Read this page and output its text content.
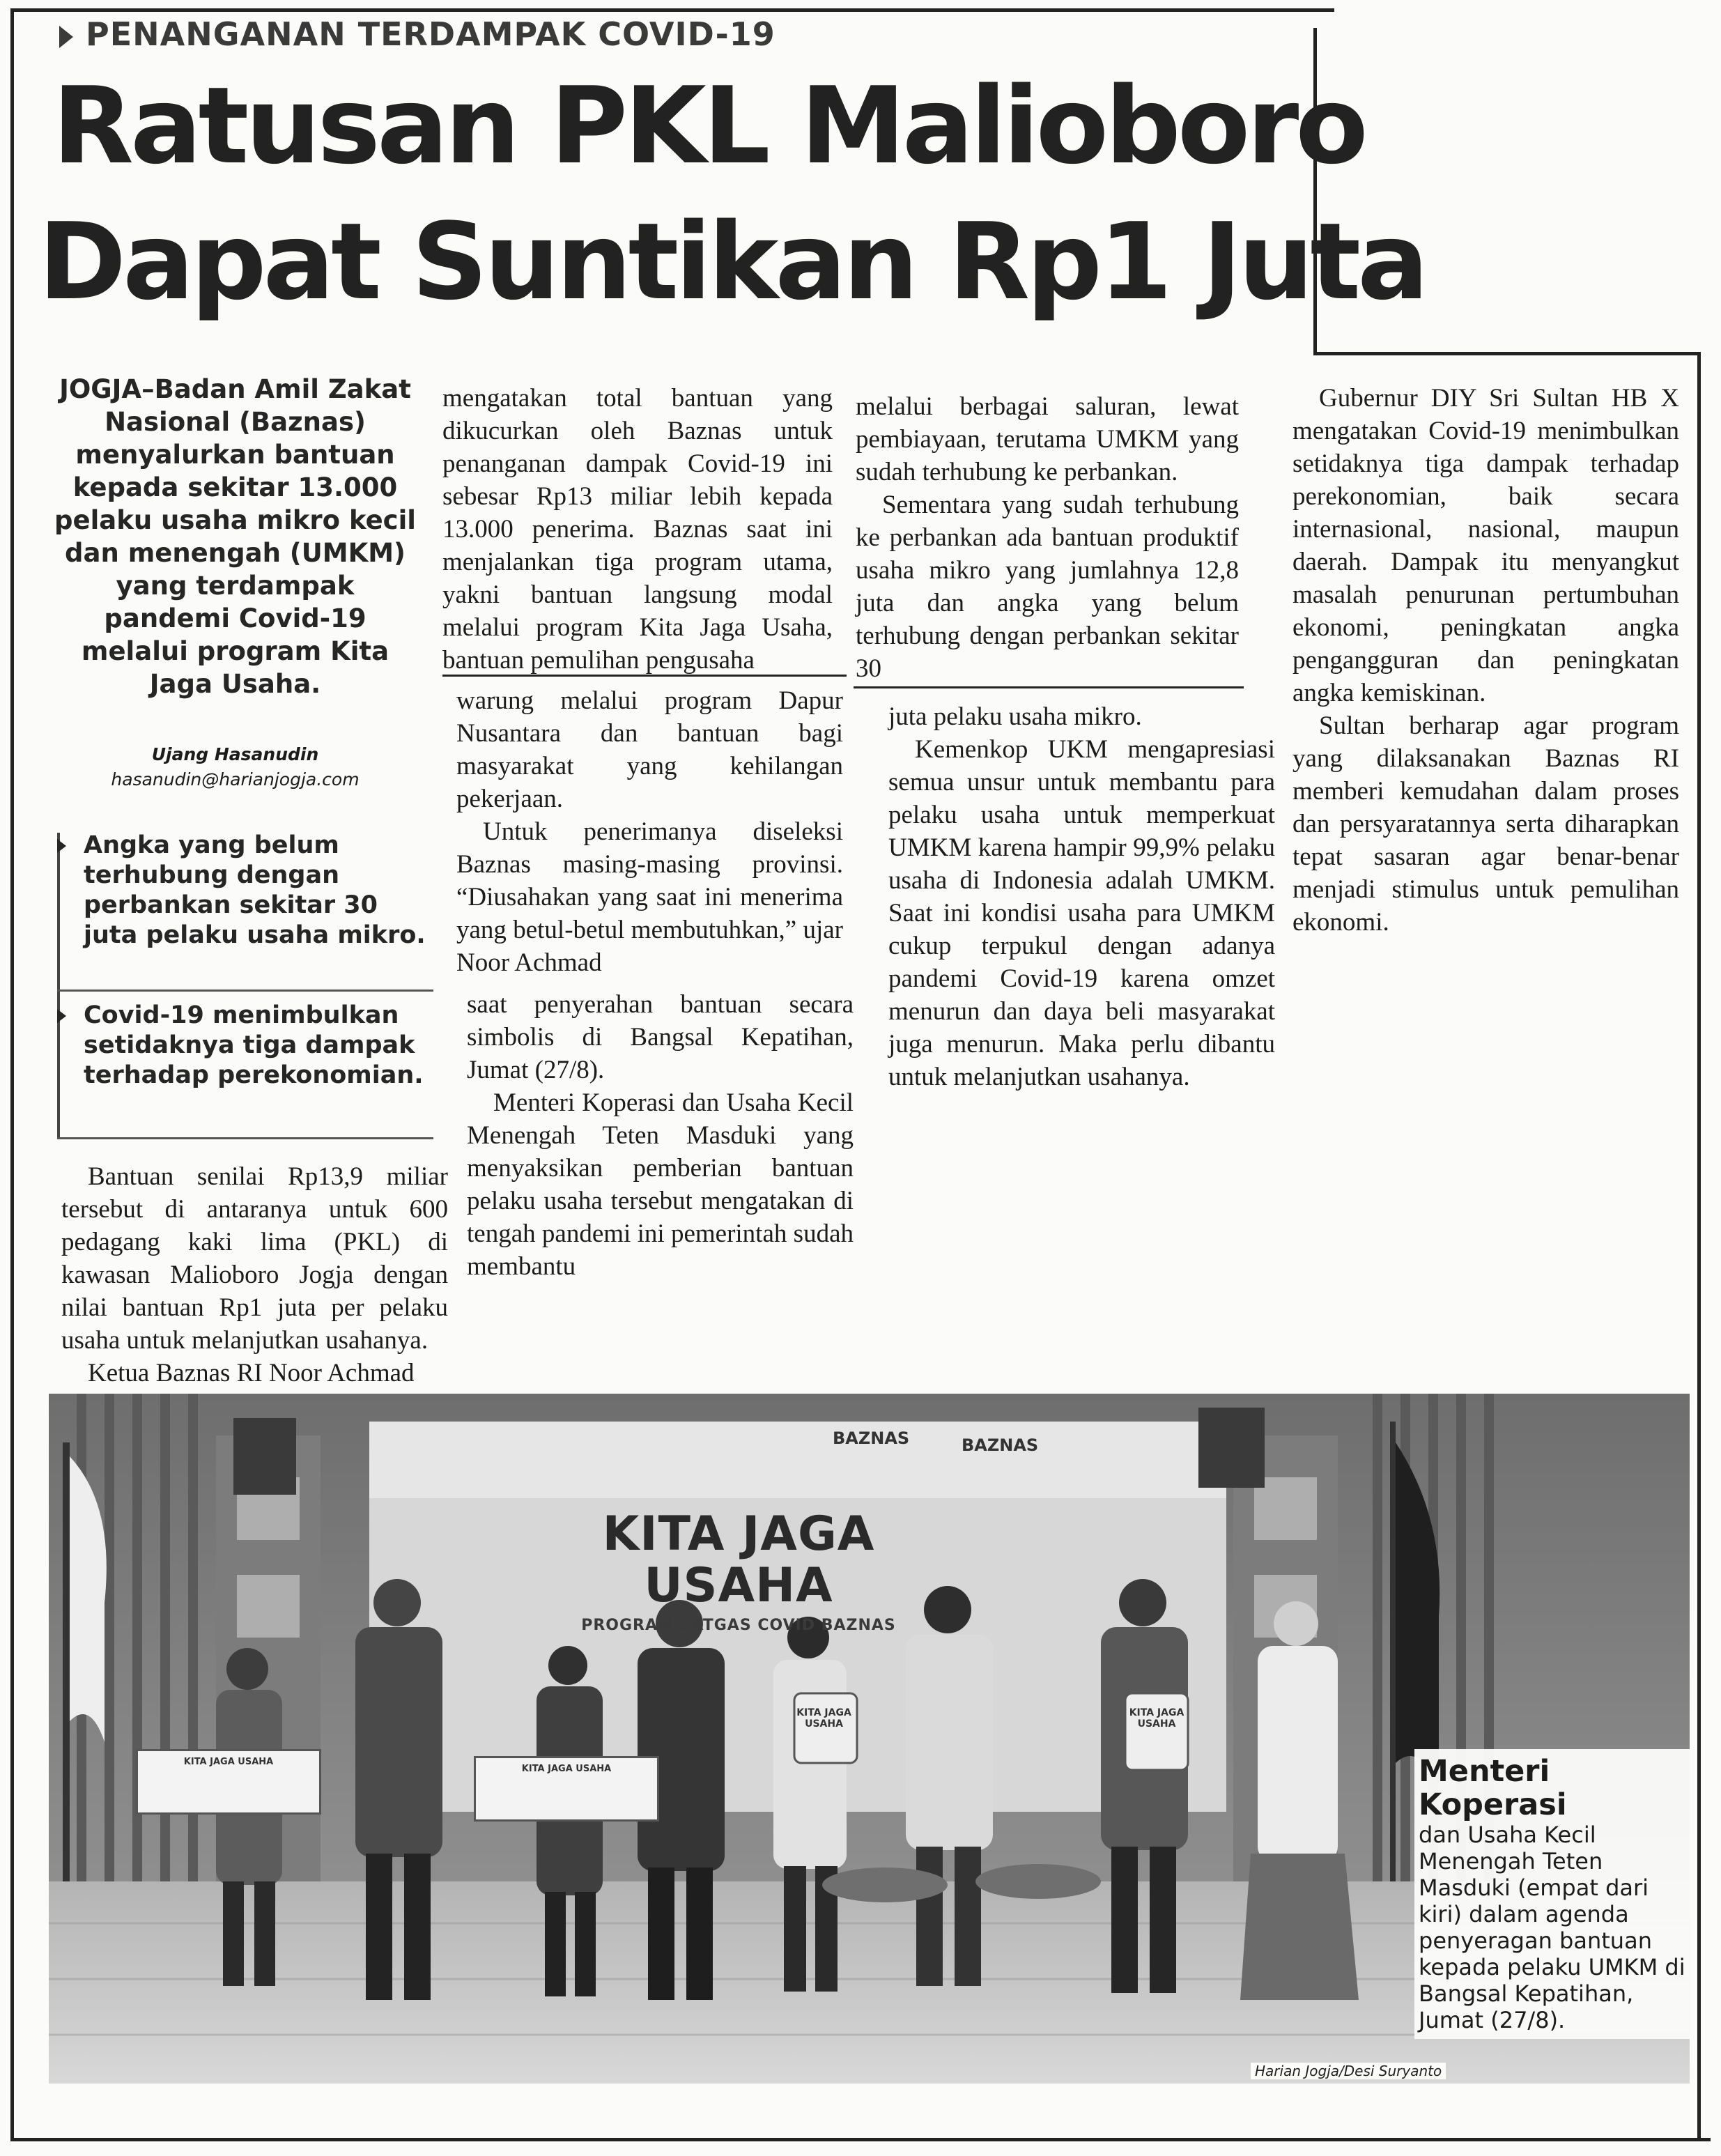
PENANGANAN TERDAMPAK COVID-19
Ratusan PKL Malioboro
Dapat Suntikan Rp1 Juta
JOGJA–Badan Amil Zakat Nasional (Baznas) menyalurkan bantuan kepada sekitar 13.000 pelaku usaha mikro kecil dan menengah (UMKM) yang terdampak pandemi Covid-19 melalui program Kita Jaga Usaha.
Ujang Hasanudin
hasanudin@harianjogja.com
Angka yang belum terhubung dengan perbankan sekitar 30 juta pelaku usaha mikro.
Covid-19 menimbulkan setidaknya tiga dampak terhadap perekonomian.

Bantuan senilai Rp13,9 miliar tersebut di antaranya untuk 600 pedagang kaki lima (PKL) di kawasan Malioboro Jogja dengan nilai bantuan Rp1 juta per pelaku usaha untuk melanjutkan usahanya.

Ketua Baznas RI Noor Achmad

mengatakan total bantuan yang dikucurkan oleh Baznas untuk penanganan dampak Covid-19 ini sebesar Rp13 miliar lebih kepada 13.000 penerima. Baznas saat ini menjalankan tiga program utama, yakni bantuan langsung modal melalui program Kita Jaga Usaha, bantuan pemulihan pengusaha

warung melalui program Dapur Nusantara dan bantuan bagi masyarakat yang kehilangan pekerjaan.

Untuk penerimanya diseleksi Baznas masing-masing provinsi. “Diusahakan yang saat ini menerima yang betul-betul membutuhkan,” ujar Noor Achmad

saat penyerahan bantuan secara simbolis di Bangsal Kepatihan, Jumat (27/8).

Menteri Koperasi dan Usaha Kecil Menengah Teten Masduki yang menyaksikan pemberian bantuan pelaku usaha tersebut mengatakan di tengah pandemi ini pemerintah sudah membantu

melalui berbagai saluran, lewat pembiayaan, terutama UMKM yang sudah terhubung ke perbankan.

Sementara yang sudah terhubung ke perbankan ada bantuan produktif usaha mikro yang jumlahnya 12,8 juta dan angka yang belum terhubung dengan perbankan sekitar 30

juta pelaku usaha mikro.

Kemenkop UKM mengapresiasi semua unsur untuk membantu para pelaku usaha untuk memperkuat UMKM karena hampir 99,9% pelaku usaha di Indonesia adalah UMKM. Saat ini kondisi usaha para UMKM cukup terpukul dengan adanya pandemi Covid-19 karena omzet menurun dan daya beli masyarakat juga menurun. Maka perlu dibantu untuk melanjutkan usahanya.

Gubernur DIY Sri Sultan HB X mengatakan Covid-19 menimbulkan setidaknya tiga dampak terhadap perekonomian, baik secara internasional, nasional, maupun daerah. Dampak itu menyangkut masalah penurunan pertumbuhan ekonomi, peningkatan angka pengangguran dan peningkatan angka kemiskinan.

Sultan berharap agar program yang dilaksanakan Baznas RI memberi kemudahan dalam proses dan persyaratannya serta diharapkan tepat sasaran agar benar-benar menjadi stimulus untuk pemulihan ekonomi.

KITA JAGA USAHA
PROGRAM SATGAS COVID BAZNAS
BAZNAS	BAZNAS
KITA JAGA USAHA
KITA JAGA USAHA
KITA JAGA USAHA
KITA JAGA USAHA
Menteri Koperasi
dan Usaha Kecil Menengah Teten Masduki (empat dari kiri) dalam agenda penyeragan bantuan kepada pelaku UMKM di Bangsal Kepatihan, Jumat (27/8).
Harian Jogja/Desi Suryanto
